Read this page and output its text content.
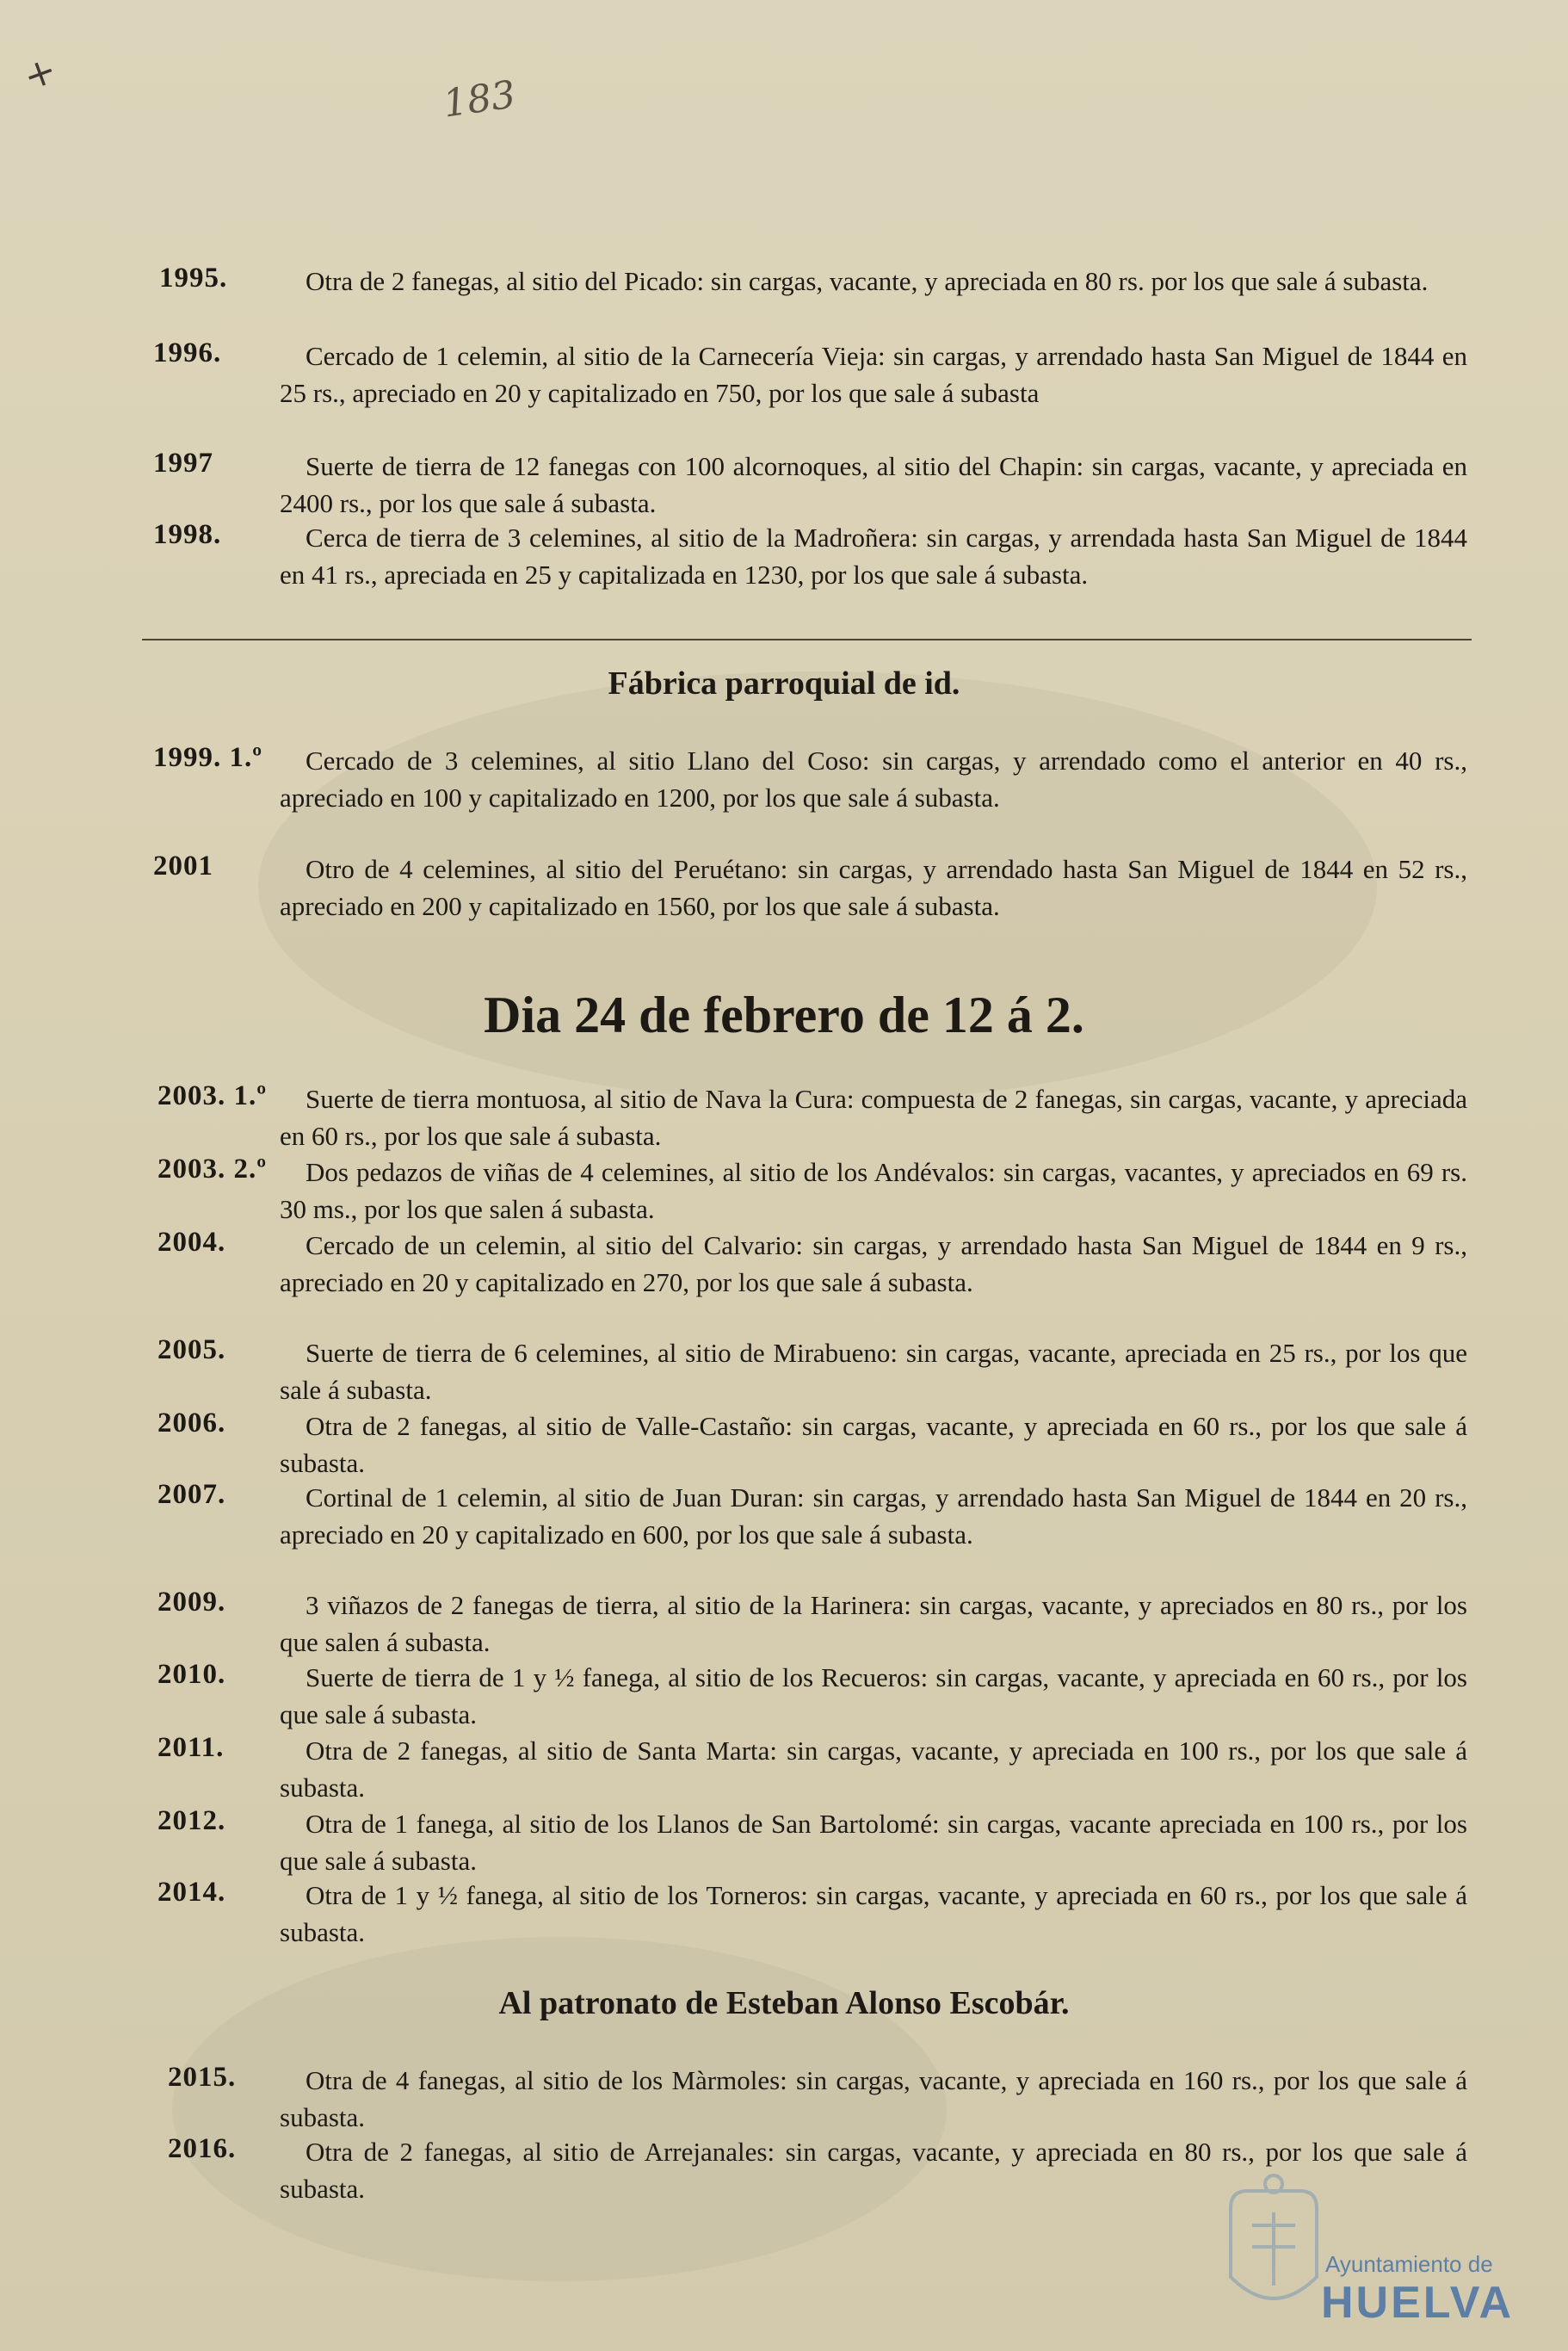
+	183
1995.	Otra de 2 fanegas, al sitio del Picado: sin cargas, vacante, y apreciada en 80 rs. por los que sale á subasta.
1996.	Cercado de 1 celemin, al sitio de la Carnecería Vieja: sin cargas, y arrendado hasta San Miguel de 1844 en 25 rs., apreciado en 20 y capitalizado en 750, por los que sale á subasta
1997	Suerte de tierra de 12 fanegas con 100 alcornoques, al sitio del Chapin: sin cargas, vacante, y apreciada en 2400 rs., por los que sale á subasta.
1998.	Cerca de tierra de 3 celemines, al sitio de la Madroñera: sin cargas, y arrendada hasta San Miguel de 1844 en 41 rs., apreciada en 25 y capitalizada en 1230, por los que sale á subasta.
Fábrica parroquial de id.
1999. 1.º	Cercado de 3 celemines, al sitio Llano del Coso: sin cargas, y arrendado como el anterior en 40 rs., apreciado en 100 y capitalizado en 1200, por los que sale á subasta.
2001	Otro de 4 celemines, al sitio del Peruétano: sin cargas, y arrendado hasta San Miguel de 1844 en 52 rs., apreciado en 200 y capitalizado en 1560, por los que sale á subasta.
Dia 24 de febrero de 12 á 2.
2003. 1.º	Suerte de tierra montuosa, al sitio de Nava la Cura: compuesta de 2 fanegas, sin cargas, vacante, y apreciada en 60 rs., por los que sale á subasta.
2003. 2.º	Dos pedazos de viñas de 4 celemines, al sitio de los Andévalos: sin cargas, vacantes, y apreciados en 69 rs. 30 ms., por los que salen á subasta.
2004.	Cercado de un celemin, al sitio del Calvario: sin cargas, y arrendado hasta San Miguel de 1844 en 9 rs., apreciado en 20 y capitalizado en 270, por los que sale á subasta.
2005.	Suerte de tierra de 6 celemines, al sitio de Mirabueno: sin cargas, vacante, apreciada en 25 rs., por los que sale á subasta.
2006.	Otra de 2 fanegas, al sitio de Valle-Castaño: sin cargas, vacante, y apreciada en 60 rs., por los que sale á subasta.
2007.	Cortinal de 1 celemin, al sitio de Juan Duran: sin cargas, y arrendado hasta San Miguel de 1844 en 20 rs., apreciado en 20 y capitalizado en 600, por los que sale á subasta.
2009.	3 viñazos de 2 fanegas de tierra, al sitio de la Harinera: sin cargas, vacante, y apreciados en 80 rs., por los que salen á subasta.
2010.	Suerte de tierra de 1 y ½ fanega, al sitio de los Recueros: sin cargas, vacante, y apreciada en 60 rs., por los que sale á subasta.
2011.	Otra de 2 fanegas, al sitio de Santa Marta: sin cargas, vacante, y apreciada en 100 rs., por los que sale á subasta.
2012.	Otra de 1 fanega, al sitio de los Llanos de San Bartolomé: sin cargas, vacante apreciada en 100 rs., por los que sale á subasta.
2014.	Otra de 1 y ½ fanega, al sitio de los Torneros: sin cargas, vacante, y apreciada en 60 rs., por los que sale á subasta.
Al patronato de Esteban Alonso Escobár.
2015.	Otra de 4 fanegas, al sitio de los Màrmoles: sin cargas, vacante, y apreciada en 160 rs., por los que sale á subasta.
2016.	Otra de 2 fanegas, al sitio de Arrejanales: sin cargas, vacante, y apreciada en 80 rs., por los que sale á subasta.
Ayuntamiento de
HUELVA
